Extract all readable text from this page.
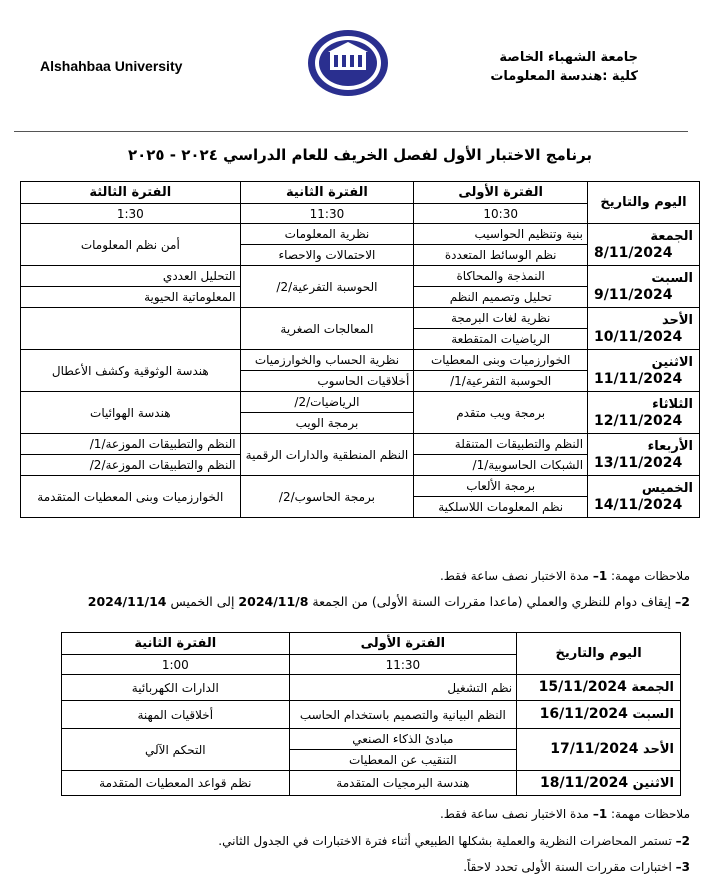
Alshahbaa University
جامعة الشهباء الخاصة
كلية :هندسة المعلومات
برنامج الاختبار الأول لفصل الخريف للعام الدراسي ٢٠٢٤ - ٢٠٢٥
اليوم والتاريخ	الفترة الأولى	الفترة الثانية	الفترة الثالثة
	10:30	11:30	1:30
الجمعة
8/11/2024	بنية وتنظيم الحواسيب	نظرية المعلومات	أمن نظم المعلومات
	نظم الوسائط المتعددة	الاحتمالات والاحصاء	
السبت
9/11/2024	النمذجة والمحاكاة	الحوسبة التفرعية/2/	التحليل العددي
	تحليل وتصميم النظم		المعلوماتية الحيوية
الأحد
10/11/2024	نظرية لغات البرمجة	المعالجات الصغرية	
	الرياضيات المتقطعة		
الاثنين
11/11/2024	الخوارزميات وبنى المعطيات	نظرية الحساب والخوارزميات	هندسة الوثوقية وكشف الأعطال
	الحوسبة التفرعية/1/	أخلاقيات الحاسوب	
الثلاثاء
12/11/2024	برمجة ويب متقدم	الرياضيات/2/	هندسة الهوائيات
		برمجة الويب	
الأربعاء
13/11/2024	النظم والتطبيقات المتنقلة	النظم المنطقية والدارات الرقمية	النظم والتطبيقات الموزعة/1/
	الشبكات الحاسوبية/1/		النظم والتطبيقات الموزعة/2/
الخميس
14/11/2024	برمجة الألعاب	برمجة الحاسوب/2/	الخوارزميات وبنى المعطيات المتقدمة
	نظم المعلومات اللاسلكية		
ملاحظات مهمة: 1– مدة الاختبار نصف ساعة فقط.
2– إيقاف دوام للنظري والعملي (ماعدا مقررات السنة الأولى) من الجمعة 2024/11/8 إلى الخميس 2024/11/14
اليوم والتاريخ	الفترة الأولى	الفترة الثانية
	11:30	1:00
الجمعة 15/11/2024	نظم التشغيل	الدارات الكهربائية
السبت 16/11/2024	النظم البيانية والتصميم باستخدام الحاسب	أخلاقيات المهنة
الأحد 17/11/2024	مبادئ الذكاء الصنعي	التحكم الآلي
	التنقيب عن المعطيات	
الاثنين 18/11/2024	هندسة البرمجيات المتقدمة	نظم قواعد المعطيات المتقدمة
ملاحظات مهمة: 1– مدة الاختبار نصف ساعة فقط.
2– تستمر المحاضرات النظرية والعملية بشكلها الطبيعي أثناء فترة الاختبارات في الجدول الثاني.
3– اختبارات مقررات السنة الأولى تحدد لاحقاً.
